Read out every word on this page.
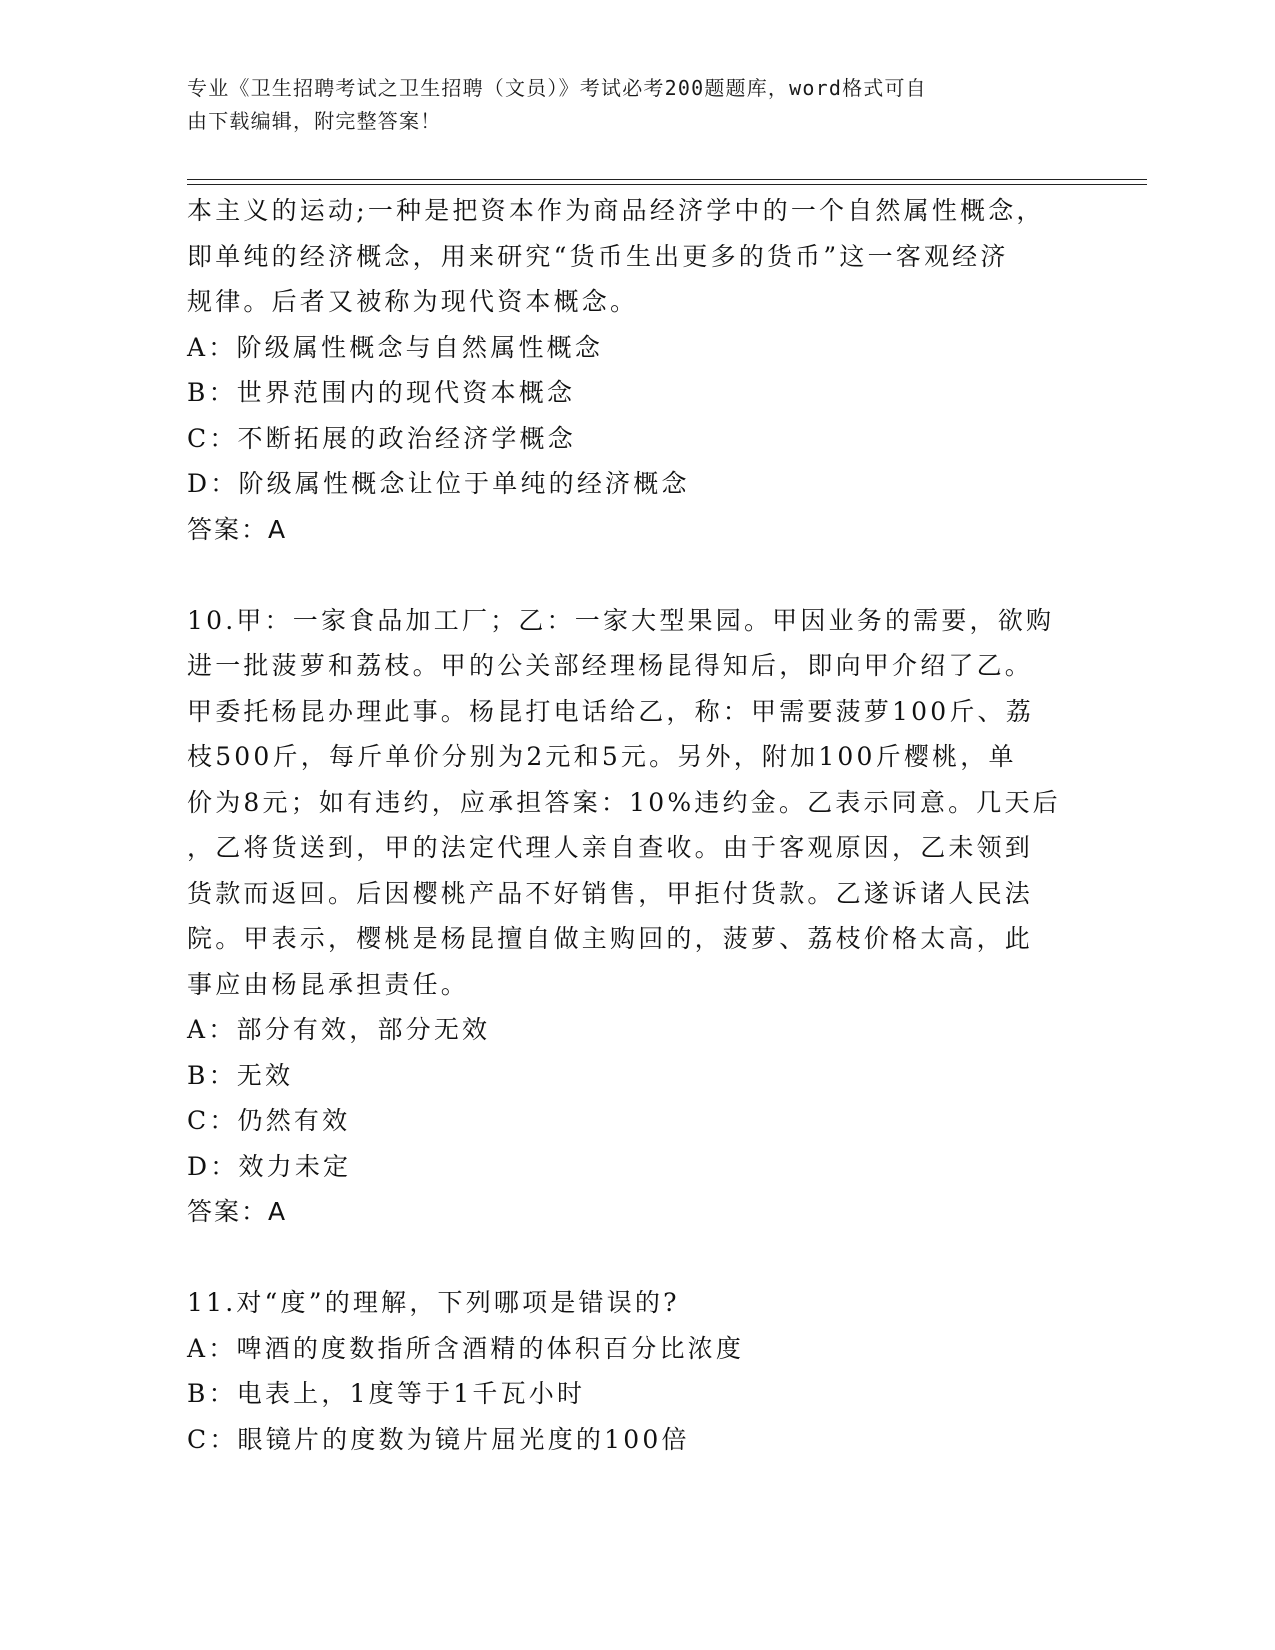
专业《卫生招聘考试之卫生招聘（文员）》考试必考200题题库，word格式可自
由下载编辑，附完整答案！
本主义的运动;一种是把资本作为商品经济学中的一个自然属性概念，
即单纯的经济概念，用来研究“货币生出更多的货币”这一客观经济
规律。后者又被称为现代资本概念。
A：阶级属性概念与自然属性概念
B：世界范围内的现代资本概念
C：不断拓展的政治经济学概念
D：阶级属性概念让位于单纯的经济概念
答案：A
10.甲：一家食品加工厂；乙：一家大型果园。甲因业务的需要，欲购
进一批菠萝和荔枝。甲的公关部经理杨昆得知后，即向甲介绍了乙。
甲委托杨昆办理此事。杨昆打电话给乙，称：甲需要菠萝100斤、荔
枝500斤，每斤单价分别为2元和5元。另外，附加100斤樱桃，单
价为8元；如有违约，应承担答案：10%违约金。乙表示同意。几天后
，乙将货送到，甲的法定代理人亲自查收。由于客观原因，乙未领到
货款而返回。后因樱桃产品不好销售，甲拒付货款。乙遂诉诸人民法
院。甲表示，樱桃是杨昆擅自做主购回的，菠萝、荔枝价格太高，此
事应由杨昆承担责任。
A：部分有效，部分无效
B：无效
C：仍然有效
D：效力未定
答案：A
11.对“度”的理解，下列哪项是错误的?
A：啤酒的度数指所含酒精的体积百分比浓度
B：电表上，1度等于1千瓦小时
C：眼镜片的度数为镜片屈光度的100倍
